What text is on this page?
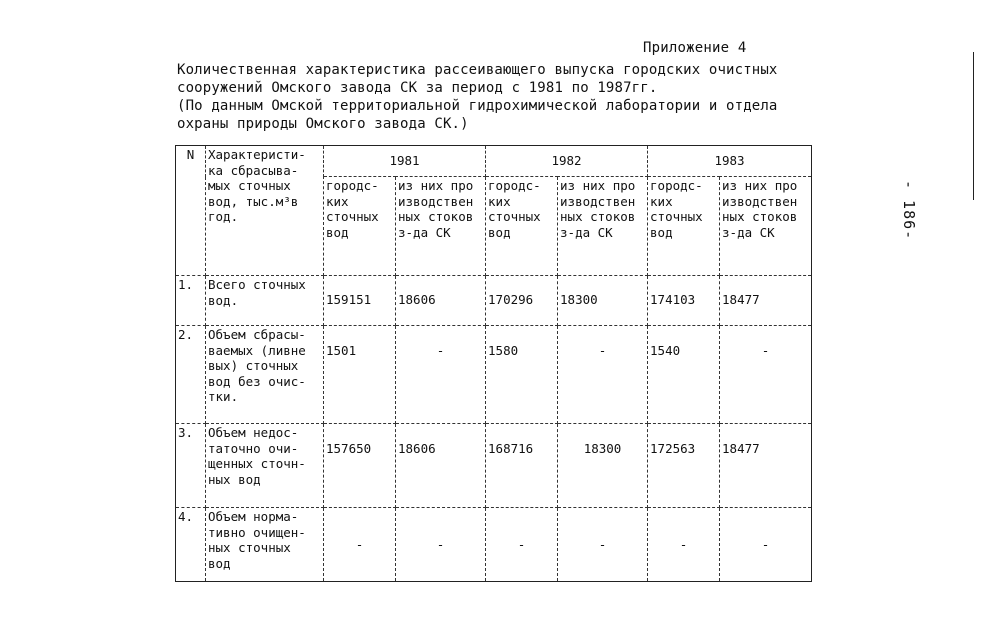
Приложение 4
Количественная характеристика рассеивающего выпуска городских очистных
сооружений Омского завода СК за период с 1981 по 1987гг.
(По данным Омской территориальной гидрохимической лаборатории и отдела
охраны природы Омского завода СК.)
- 186-
N	Характеристи-
ка сбрасыва-
мых сточных
вод, тыс.м³в
год.	1981		1982		1983	

		городс-
ких
сточных
вод	из них про
изводствен
ных стоков
з-да СК	городс-
ких
сточных
вод	из них про
изводствен
ных стоков
з-да СК	городс-
ких
сточных
вод	из них про
изводствен
ных стоков
з-да СК

1.	Всего сточных
вод.	159151	18606	170296	18300	174103	18477
2.	Объем сбрасы-
ваемых (ливне
вых) сточных
вод без очис-
тки.	1501	-	1580	-	1540	-
3.	Объем недос-
таточно очи-
щенных сточн-
ных вод	157650	18606	168716	18300	172563	18477
4.	Объем норма-
тивно очищен-
ных сточных
вод	-	-	-	-	-	-
